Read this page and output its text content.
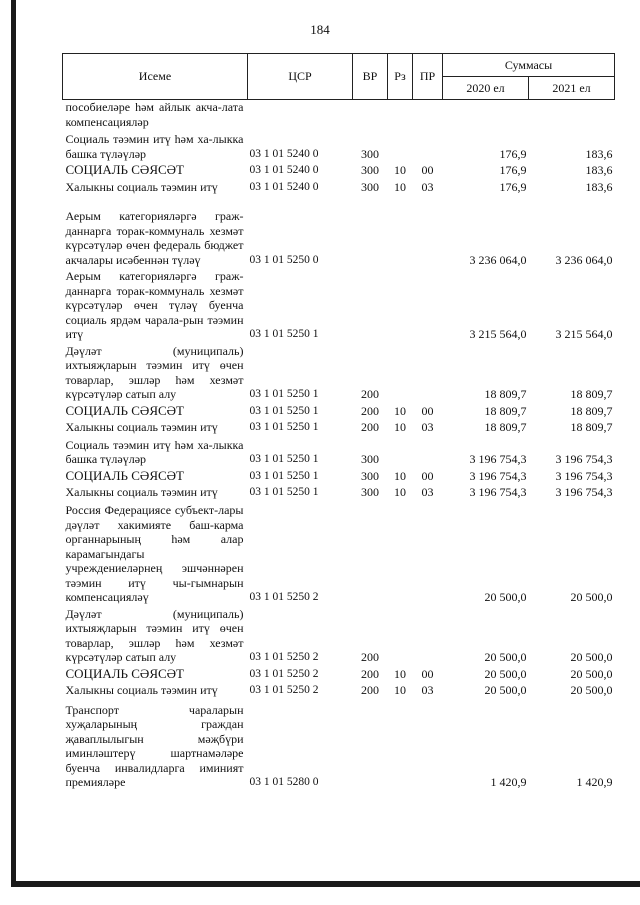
184
Исеме	ЦСР	ВР	Рз	ПР	Суммасы	
					2020 ел	2021 ел
пособиеләре һәм айлык акча-лата компенсацияләр						
Социаль тәэмин итү һәм ха-лыкка башка түләүләр	03 1 01 5240 0	300			176,9	183,6
СОЦИАЛЬ СӘЯСӘТ	03 1 01 5240 0	300	10	00	176,9	183,6
Халыкны социаль тәэмин итү	03 1 01 5240 0	300	10	03	176,9	183,6
Аерым категорияләргә граж-даннарга торак-коммуналь хезмәт күрсәтүләр өчен федераль бюджет акчалары исәбеннән түләү	03 1 01 5250 0				3 236 064,0	3 236 064,0
Аерым категорияләргә граж-даннарга торак-коммуналь хезмәт күрсәтүләр өчен түләү буенча социаль ярдәм чарала-рын тәэмин итү	03 1 01 5250 1				3 215 564,0	3 215 564,0
Дәүләт (муниципаль) ихтыяҗларын тәэмин итү өчен товарлар, эшләр һәм хезмәт күрсәтүләр сатып алу	03 1 01 5250 1	200			18 809,7	18 809,7
СОЦИАЛЬ СӘЯСӘТ	03 1 01 5250 1	200	10	00	18 809,7	18 809,7
Халыкны социаль тәэмин итү	03 1 01 5250 1	200	10	03	18 809,7	18 809,7
Социаль тәэмин итү һәм ха-лыкка башка түләүләр	03 1 01 5250 1	300			3 196 754,3	3 196 754,3
СОЦИАЛЬ СӘЯСӘТ	03 1 01 5250 1	300	10	00	3 196 754,3	3 196 754,3
Халыкны социаль тәэмин итү	03 1 01 5250 1	300	10	03	3 196 754,3	3 196 754,3
Россия Федерациясе субъект-лары дәүләт хакимияте баш-карма органнарының һәм алар карамагындагы учреждениеләрнең эшчәннәрен тәэмин итү чы-гымнарын компенсацияләү	03 1 01 5250 2				20 500,0	20 500,0
Дәүләт (муниципаль) ихтыяҗларын тәэмин итү өчен товарлар, эшләр һәм хезмәт күрсәтүләр сатып алу	03 1 01 5250 2	200			20 500,0	20 500,0
СОЦИАЛЬ СӘЯСӘТ	03 1 01 5250 2	200	10	00	20 500,0	20 500,0
Халыкны социаль тәэмин итү	03 1 01 5250 2	200	10	03	20 500,0	20 500,0
Транспорт чараларын хуҗаларының граждан җаваплылыгын мәҗбүри иминләштерү шартнамәләре буенча инвалидларга иминият премияләре	03 1 01 5280 0				1 420,9	1 420,9
